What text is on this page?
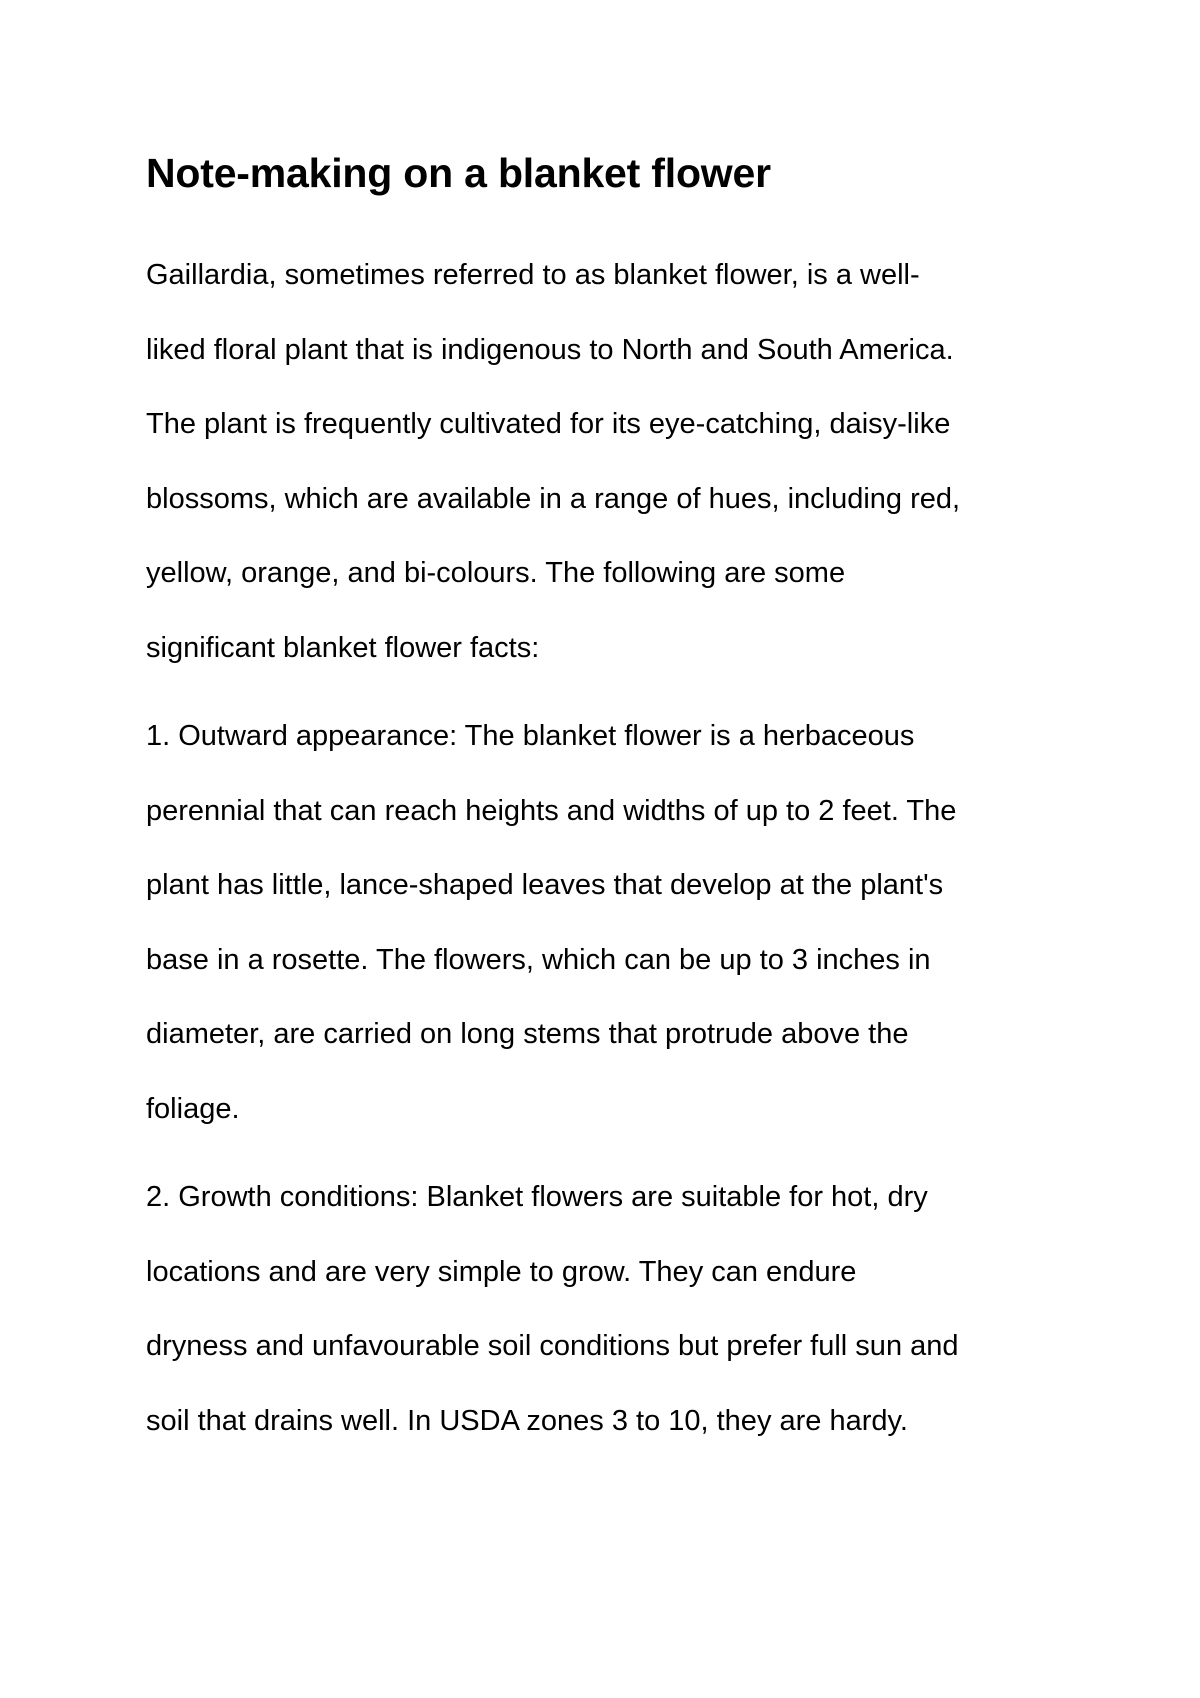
Note-making on a blanket flower

Gaillardia, sometimes referred to as blanket flower, is a well-
liked floral plant that is indigenous to North and South America.
The plant is frequently cultivated for its eye-catching, daisy-like
blossoms, which are available in a range of hues, including red,
yellow, orange, and bi-colours. The following are some
significant blanket flower facts:

1. Outward appearance: The blanket flower is a herbaceous
perennial that can reach heights and widths of up to 2 feet. The
plant has little, lance-shaped leaves that develop at the plant's
base in a rosette. The flowers, which can be up to 3 inches in
diameter, are carried on long stems that protrude above the
foliage.

2. Growth conditions: Blanket flowers are suitable for hot, dry
locations and are very simple to grow. They can endure
dryness and unfavourable soil conditions but prefer full sun and
soil that drains well. In USDA zones 3 to 10, they are hardy.
